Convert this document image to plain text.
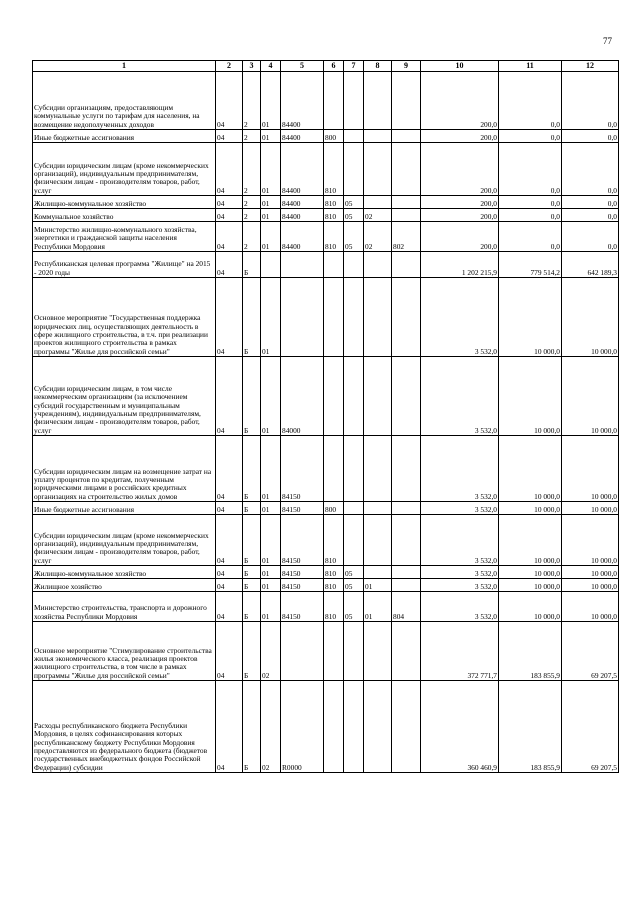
77
1	2	3	4	5	6	7	8	9	10	11	12
Субсидии организациям, предоставляющим коммунальные услуги по тарифам для населения, на возмещение недополученных доходов	04	2	01	84400					200,0	0,0	0,0
Иные бюджетные ассигнования	04	2	01	84400	800				200,0	0,0	0,0
Субсидии юридическим лицам (кроме некоммерческих организаций), индивидуальным предпринимателям, физическим лицам - производителям товаров, работ, услуг	04	2	01	84400	810				200,0	0,0	0,0
Жилищно-коммунальное хозяйство	04	2	01	84400	810	05			200,0	0,0	0,0
Коммунальное хозяйство	04	2	01	84400	810	05	02		200,0	0,0	0,0
Министерство жилищно-коммунального хозяйства, энергетики и гражданской защиты населения Республики Мордовия	04	2	01	84400	810	05	02	802	200,0	0,0	0,0
Республиканская целевая программа "Жилище" на 2015 - 2020 годы	04	Б							1 202 215,9	779 514,2	642 189,3
Основное мероприятие "Государственная поддержка юридических лиц, осуществляющих деятельность в сфере жилищного строительства, в т.ч. при реализации проектов жилищного строительства в рамках программы "Жилье для российской семьи"	04	Б	01						3 532,0	10 000,0	10 000,0
Субсидии юридическим лицам, в том числе некоммерческим организациям (за исключением субсидий государственным и муниципальным учреждениям), индивидуальным предпринимателям, физическим лицам - производителям товаров, работ, услуг	04	Б	01	84000					3 532,0	10 000,0	10 000,0
Субсидии юридическим лицам на возмещение затрат на уплату процентов по кредитам, полученным юридическими лицами в российских кредитных организациях на строительство жилых домов	04	Б	01	84150					3 532,0	10 000,0	10 000,0
Иные бюджетные ассигнования	04	Б	01	84150	800				3 532,0	10 000,0	10 000,0
Субсидии юридическим лицам (кроме некоммерческих организаций), индивидуальным предпринимателям, физическим лицам - производителям товаров, работ, услуг	04	Б	01	84150	810				3 532,0	10 000,0	10 000,0
Жилищно-коммунальное хозяйство	04	Б	01	84150	810	05			3 532,0	10 000,0	10 000,0
Жилищное хозяйство	04	Б	01	84150	810	05	01		3 532,0	10 000,0	10 000,0
Министерство строительства, транспорта и дорожного хозяйства Республики Мордовия	04	Б	01	84150	810	05	01	804	3 532,0	10 000,0	10 000,0
Основное мероприятие "Стимулирование строительства жилья экономического класса, реализация проектов жилищного строительства, в том числе в рамках программы "Жилье для российской семьи"	04	Б	02						372 771,7	183 855,9	69 207,5
Расходы республиканского бюджета Республики Мордовия, в целях софинансирования которых республиканскому бюджету Республики Мордовия предоставляются из федерального бюджета (бюджетов государственных внебюджетных фондов Российской Федерации) субсидии	04	Б	02	R0000					360 460,9	183 855,9	69 207,5
